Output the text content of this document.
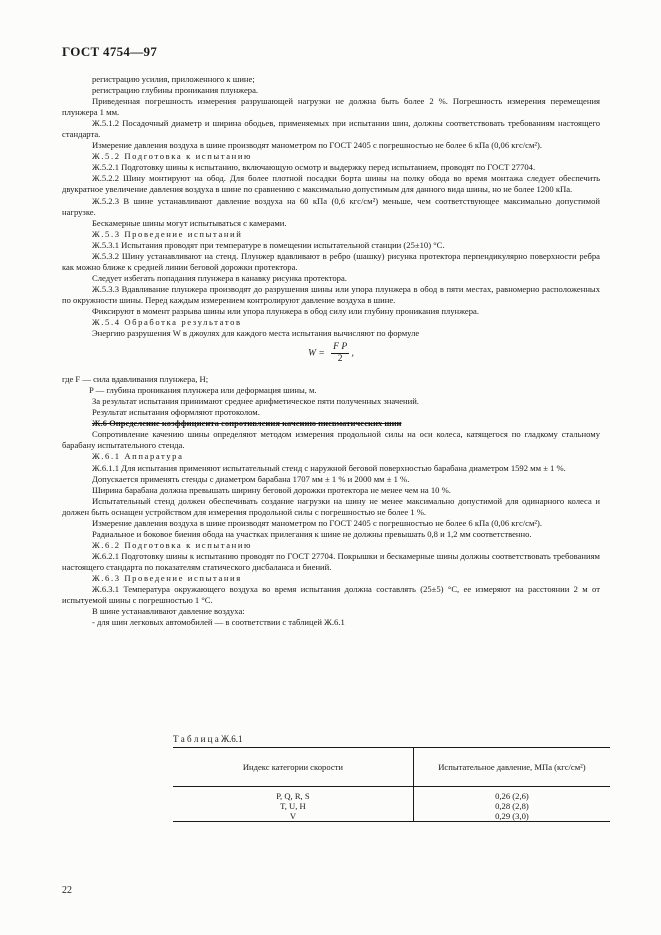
ГОСТ 4754—97

регистрацию усилия, приложенного к шине;

регистрацию глубины проникания плунжера.

Приведенная погрешность измерения разрушающей нагрузки не должна быть более 2 %. Погрешность измерения перемещения плунжера 1 мм.

Ж.5.1.2 Посадочный диаметр и ширина ободьев, применяемых при испытании шин, должны соответствовать требованиям настоящего стандарта.

Измерение давления воздуха в шине производят манометром по ГОСТ 2405 с погрешностью не более 6 кПа (0,06 кгс/см²).

Ж.5.2 Подготовка к испытанию

Ж.5.2.1 Подготовку шины к испытанию, включающую осмотр и выдержку перед испытанием, проводят по ГОСТ 27704.

Ж.5.2.2 Шину монтируют на обод. Для более плотной посадки борта шины на полку обода во время монтажа следует обеспечить двукратное увеличение давления воздуха в шине по сравнению с максимально допустимым для данного вида шины, но не более 1200 кПа.

Ж.5.2.3 В шине устанавливают давление воздуха на 60 кПа (0,6 кгс/см²) меньше, чем соответствующее максимально допустимой нагрузке.

Бескамерные шины могут испытываться с камерами.

Ж.5.3 Проведение испытаний

Ж.5.3.1 Испытания проводят при температуре в помещении испытательной станции (25±10) °С.

Ж.5.3.2 Шину устанавливают на стенд. Плунжер вдавливают в ребро (шашку) рисунка протектора перпендикулярно поверхности ребра как можно ближе к средней линии беговой дорожки протектора.

Следует избегать попадания плунжера в канавку рисунка протектора.

Ж.5.3.3 Вдавливание плунжера производят до разрушения шины или упора плунжера в обод в пяти местах, равномерно расположенных по окружности шины. Перед каждым измерением контролируют давление воздуха в шине.

Фиксируют в момент разрыва шины или упора плунжера в обод силу или глубину проникания плунжера.

Ж.5.4 Обработка результатов

Энергию разрушения W в джоулях для каждого места испытания вычисляют по формуле

$W = \frac{\text{F P}}{2}$ ,

где F — сила вдавливания плунжера, Н;

P — глубина проникания плунжера или деформация шины, м.

За результат испытания принимают среднее арифметическое пяти полученных значений.

Результат испытания оформляют протоколом.

Ж.6 Определение коэффициента сопротивления качению пневматических шин

Сопротивление качению шины определяют методом измерения продольной силы на оси колеса, катящегося по гладкому стальному барабану испытательного стенда.

Ж.6.1 Аппаратура

Ж.6.1.1 Для испытания применяют испытательный стенд с наружной беговой поверхностью барабана диаметром 1592 мм ± 1 %.

Допускается применять стенды с диаметром барабана 1707 мм ± 1 % и 2000 мм ± 1 %.

Ширина барабана должна превышать ширину беговой дорожки протектора не менее чем на 10 %.

Испытательный стенд должен обеспечивать создание нагрузки на шину не менее максимально допустимой для одинарного колеса и должен быть оснащен устройством для измерения продольной силы с погрешностью не более 1 %.

Измерение давления воздуха в шине производят манометром по ГОСТ 2405 с погрешностью не более 6 кПа (0,06 кгс/см²).

Радиальное и боковое биения обода на участках прилегания к шине не должны превышать 0,8 и 1,2 мм соответственно.

Ж.6.2 Подготовка к испытанию

Ж.6.2.1 Подготовку шины к испытанию проводят по ГОСТ 27704. Покрышки и бескамерные шины должны соответствовать требованиям настоящего стандарта по показателям статического дисбаланса и биений.

Ж.6.3 Проведение испытания

Ж.6.3.1 Температура окружающего воздуха во время испытания должна составлять (25±5) °С, ее измеряют на расстоянии 2 м от испытуемой шины с погрешностью 1 °С.

В шине устанавливают давление воздуха:

- для шин легковых автомобилей — в соответствии с таблицей Ж.6.1

Т а б л и ц а Ж.6.1
Индекс категории скорости	Испытательное давление, МПа (кгс/см²)
P, Q, R, S	0,26 (2,6)
T, U, H	0,28 (2,8)
V	0,29 (3,0)
22
